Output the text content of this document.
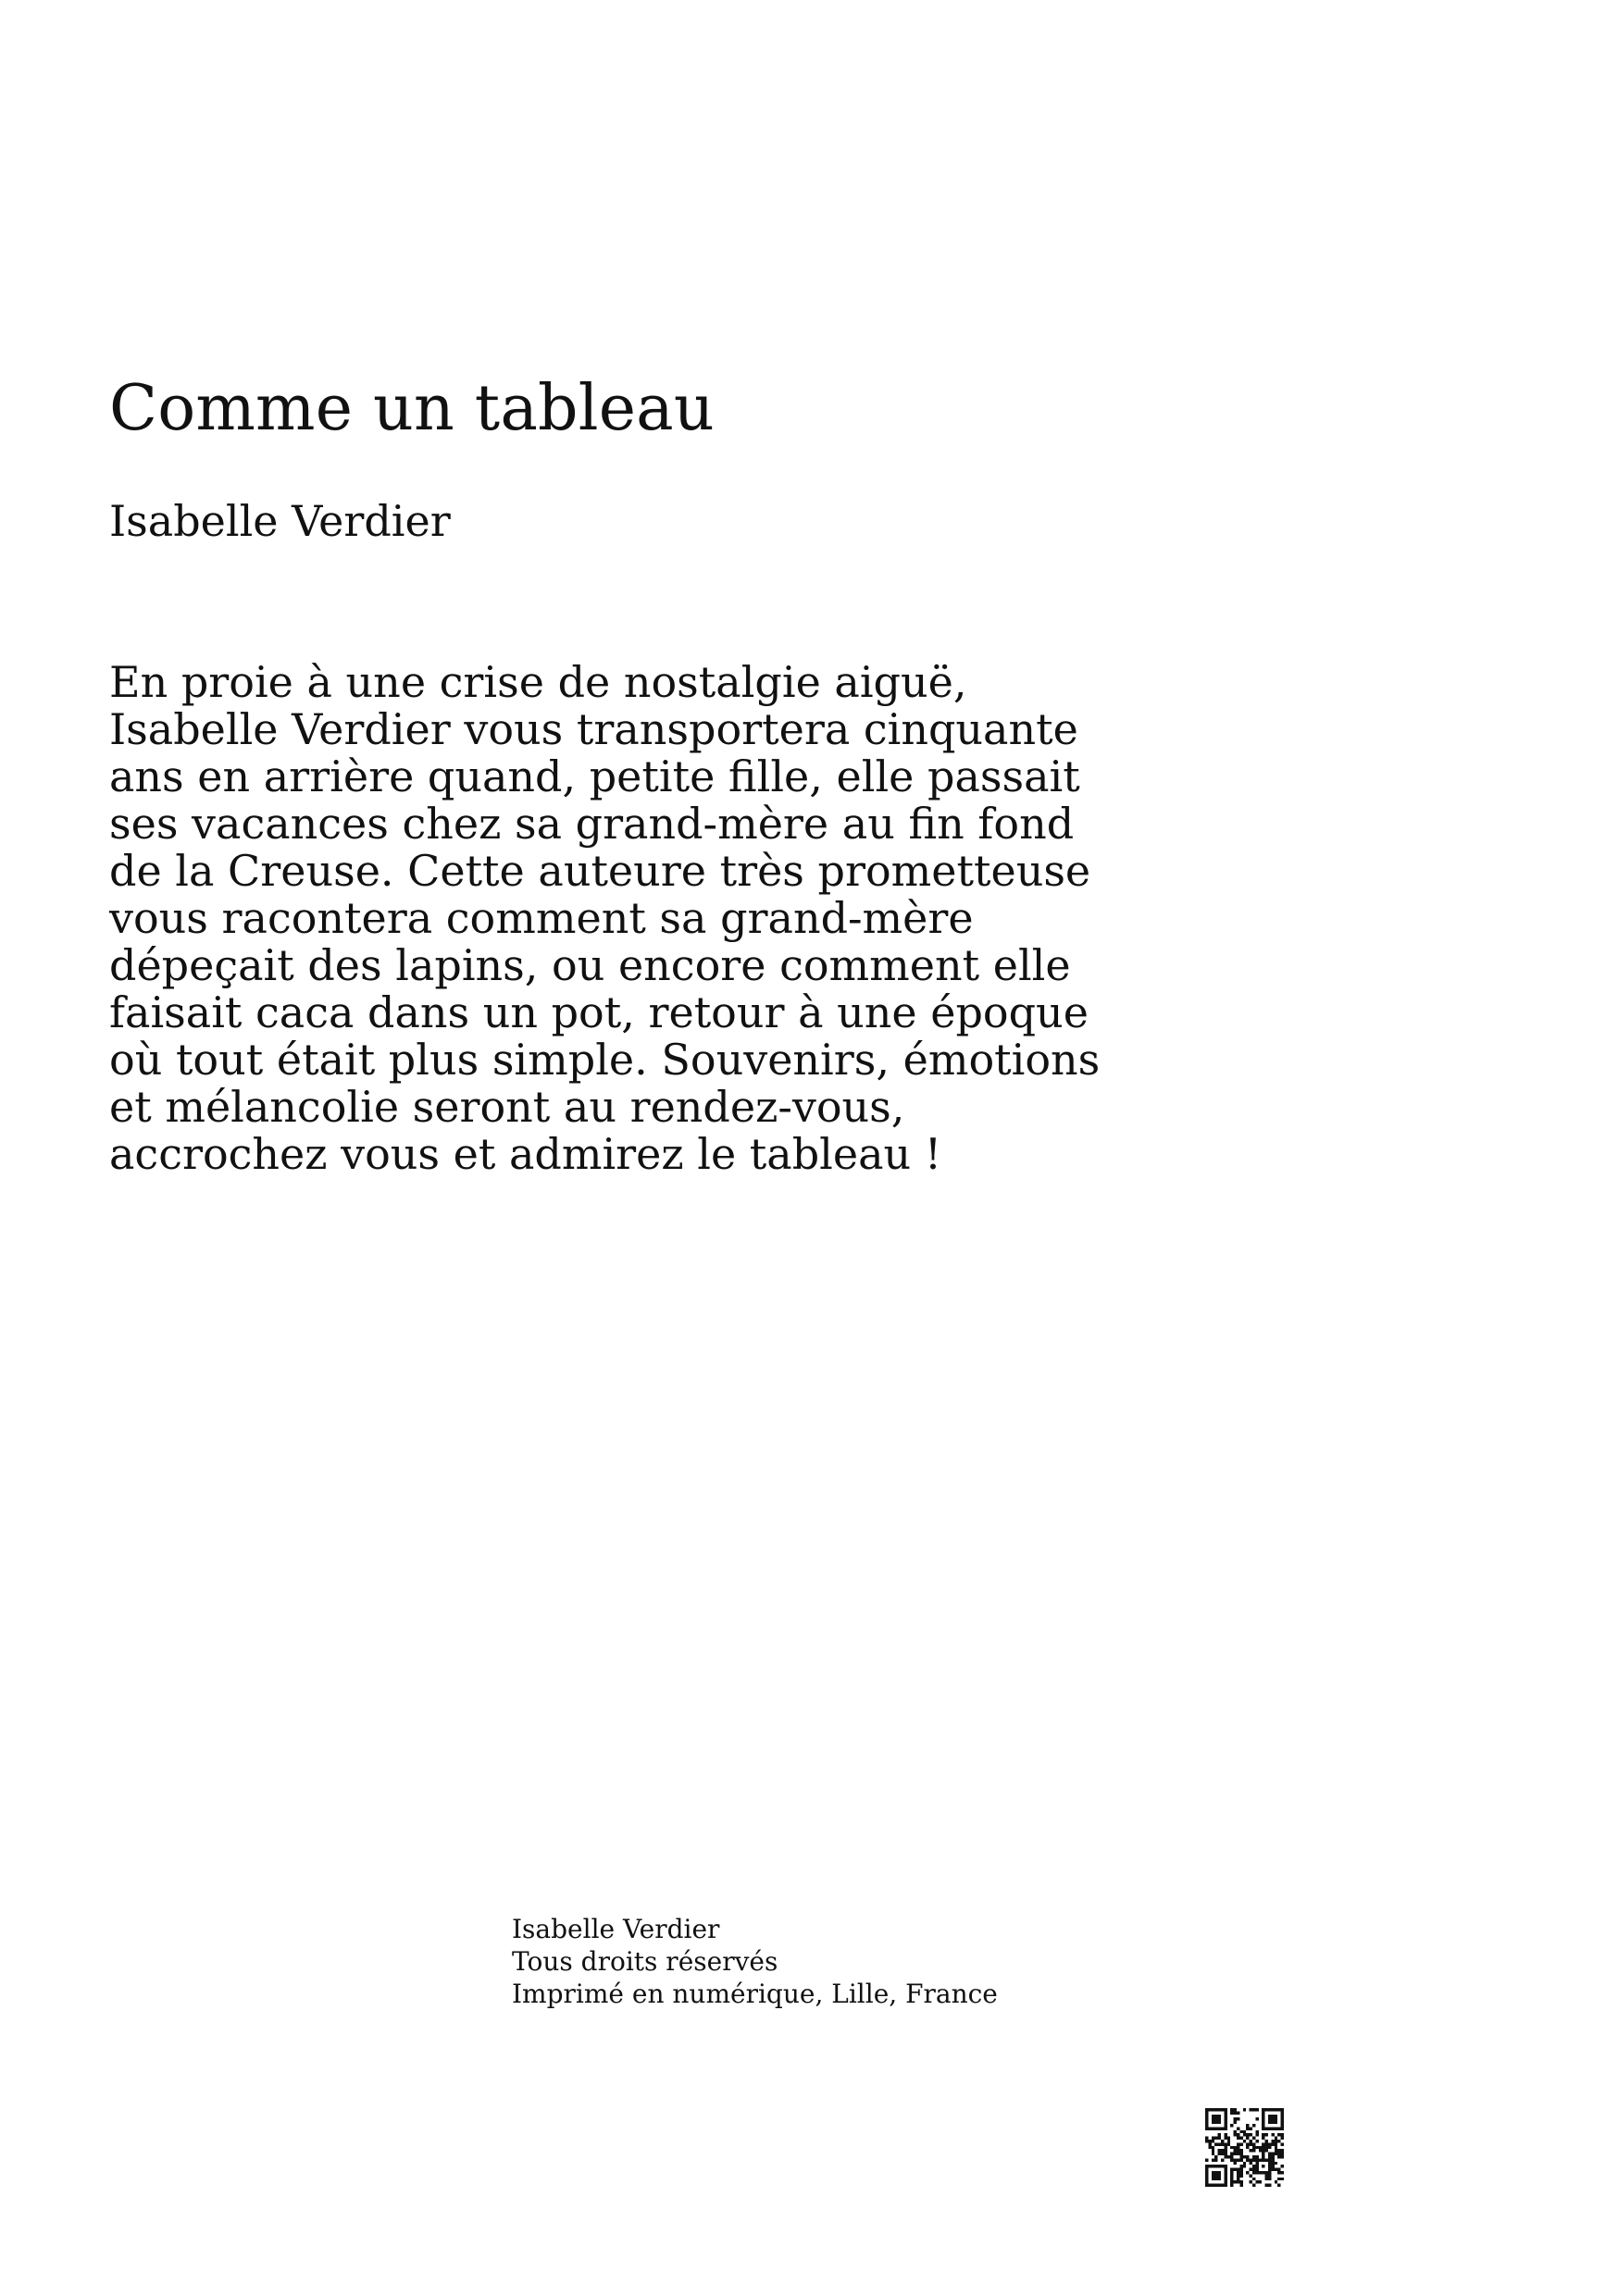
Comme un tableau
Isabelle Verdier

En proie à une crise de nostalgie aiguë,
Isabelle Verdier vous transportera cinquante
ans en arrière quand, petite fille, elle passait
ses vacances chez sa grand-mère au fin fond
de la Creuse. Cette auteure très prometteuse
vous racontera comment sa grand-mère
dépeçait des lapins, ou encore comment elle
faisait caca dans un pot, retour à une époque
où tout était plus simple. Souvenirs, émotions
et mélancolie seront au rendez-vous,
accrochez vous et admirez le tableau !

Isabelle Verdier
Tous droits réservés
Imprimé en numérique, Lille, France
